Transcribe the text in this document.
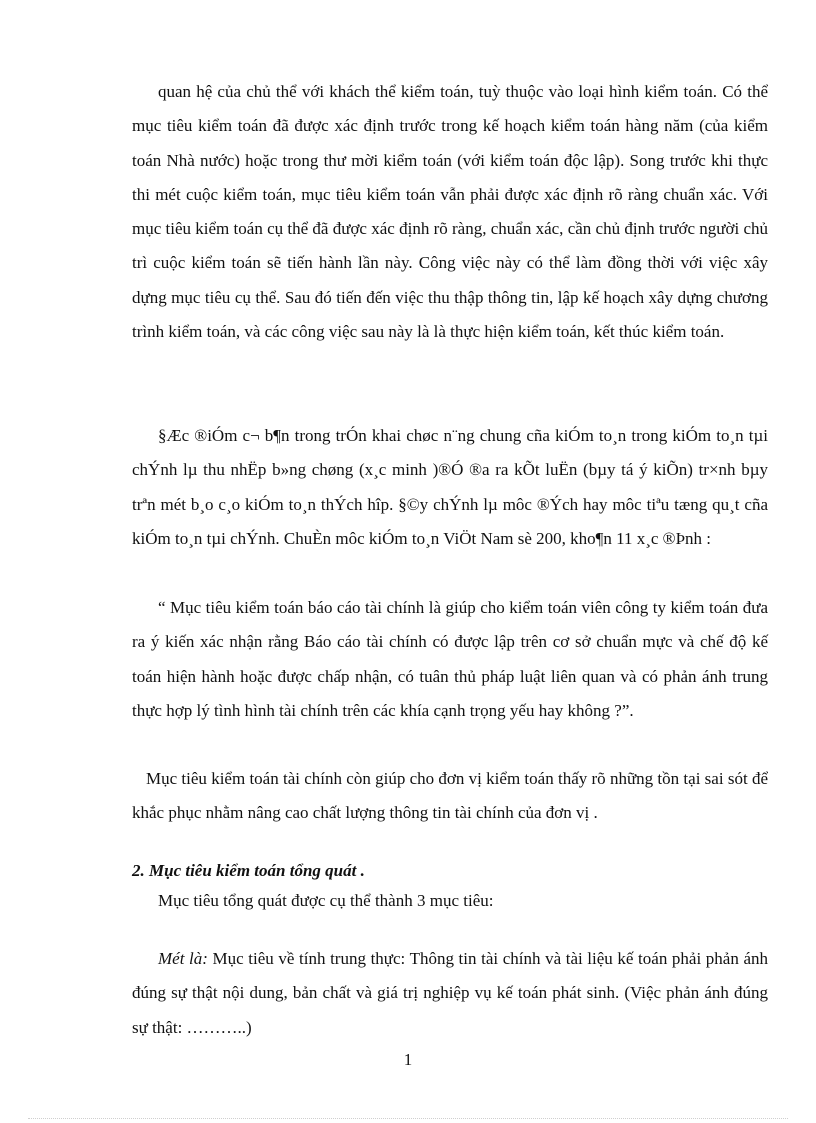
quan hệ của chủ thể với khách thể kiểm toán, tuỳ thuộc vào loại hình kiểm toán. Có thể mục tiêu kiểm toán đã được xác định trước trong kế hoạch kiểm toán hàng năm (của kiểm toán Nhà nước) hoặc trong thư mời kiểm toán (với kiểm toán độc lập). Song trước khi thực thi mét cuộc kiểm toán, mục tiêu kiểm toán vẫn phải được xác định rõ ràng chuẩn xác. Với mục tiêu kiểm toán cụ thể đã được xác định rõ ràng, chuẩn xác, cần chủ định trước người chủ trì cuộc kiểm toán sẽ tiến hành lần này. Công việc này có thể làm đồng thời với việc xây dựng mục tiêu cụ thể. Sau đó tiến đến việc thu thập thông tin, lập kế hoạch xây dựng chương trình kiểm toán, và các công việc sau này là là thực hiện kiểm toán, kết thúc kiểm toán.

§Æc ®iÓm c¬ b¶n trong trÓn khai chøc n¨ng chung cña kiÓm to¸n trong kiÓm to¸n tµi chÝnh lµ thu nhËp b»ng chøng (x¸c minh )®Ó ®a ra kÕt luËn (bµy tá ý kiÕn) tr×nh bµy trªn mét b¸o c¸o kiÓm to¸n thÝch hîp. §©y chÝnh lµ môc ®Ých hay môc tiªu tæng qu¸t cña kiÓm to¸n tµi chÝnh. ChuÈn môc kiÓm to¸n ViÖt Nam sè 200, kho¶n 11 x¸c ®Þnh :

“ Mục tiêu kiểm toán báo cáo tài chính là giúp cho kiểm toán viên công ty kiểm toán đưa ra ý kiến xác nhận rằng Báo cáo tài chính có được lập trên cơ sở chuẩn mực và chế độ kế toán hiện hành hoặc được chấp nhận, có tuân thủ pháp luật liên quan và có phản ánh trung thực hợp lý tình hình tài chính trên các khía cạnh trọng yếu hay không ?”.

Mục tiêu kiểm toán tài chính còn giúp cho đơn vị kiểm toán thấy rõ những tồn tại sai sót để khắc phục nhằm nâng cao chất lượng thông tin tài chính của đơn vị .

2. Mục tiêu kiểm toán tổng quát .

Mục tiêu tổng quát được cụ thể thành 3 mục tiêu:

Mét là: Mục tiêu về tính trung thực: Thông tin tài chính và tài liệu kế toán phải phản ánh đúng sự thật nội dung, bản chất và giá trị nghiệp vụ kế toán phát sinh. (Việc phản ánh đúng sự thật: ………..)

1
